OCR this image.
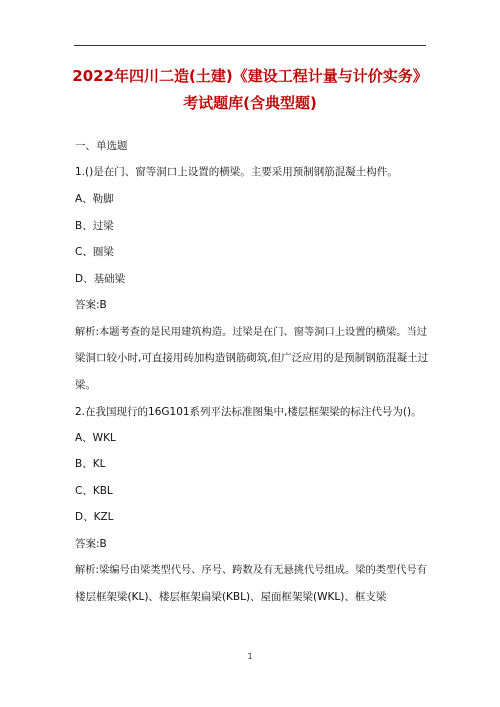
2022年四川二造(土建)《建设工程计量与计价实务》
考试题库(含典型题)
一、单选题
1.()是在门、窗等洞口上设置的横梁。主要采用预制钢筋混凝土构件。
A、勒脚
B、过梁
C、圈梁
D、基础梁
答案:B
解析:本题考查的是民用建筑构造。过梁是在门、窗等洞口上设置的横梁。当过
梁洞口较小时,可直接用砖加构造钢筋砌筑,但广泛应用的是预制钢筋混凝土过
梁。
2.在我国现行的16G101系列平法标准图集中,楼层框架梁的标注代号为()。
A、WKL
B、KL
C、KBL
D、KZL
答案:B
解析:梁编号由梁类型代号、序号、跨数及有无悬挑代号组成。梁的类型代号有
楼层框架梁(KL)、楼层框架扁梁(KBL)、屋面框架梁(WKL)、框支梁
1
